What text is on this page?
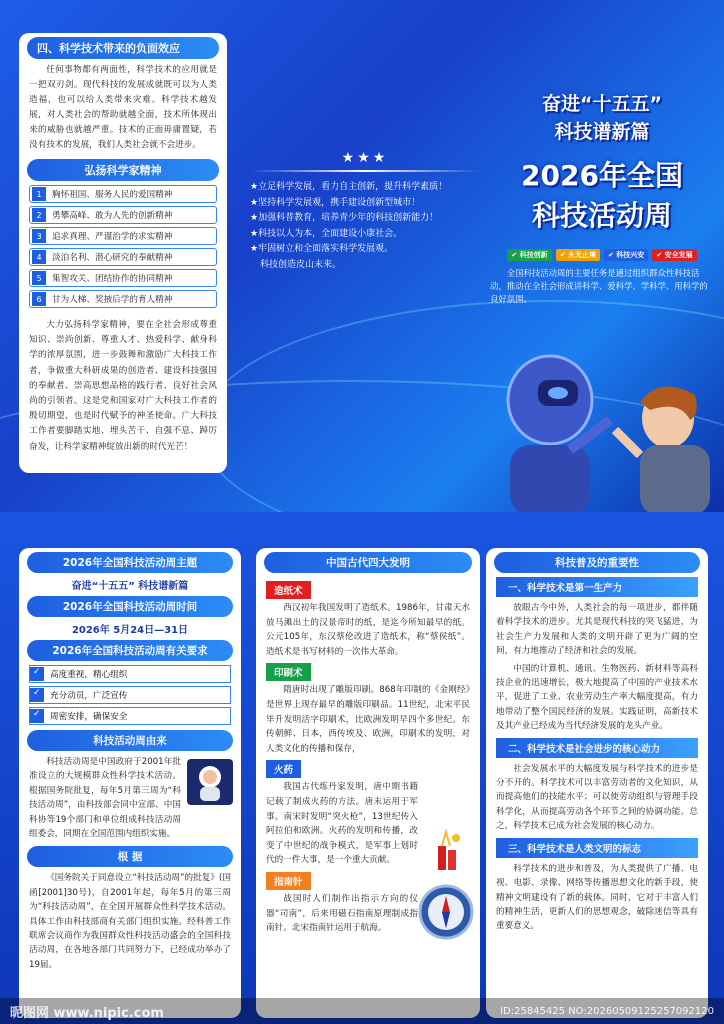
四、科学技术带来的负面效应

任何事物都有两面性，科学技术的应用就是一把双刃剑。现代科技的发展成就既可以为人类造福，也可以给人类带来灾难。科学技术越发展，对人类社会的帮助就越全面，技术所体现出来的威胁也就越严重。技术的正面毋庸置疑，若没有技术的发展，我们人类社会就不会进步。

弘扬科学家精神
1	胸怀祖国、服务人民的爱国精神
2	勇攀高峰、敢为人先的创新精神
3	追求真理、严谨治学的求实精神
4	淡泊名利、潜心研究的奉献精神
5	集智攻关、团结协作的协同精神
6	甘为人梯、奖掖后学的育人精神

大力弘扬科学家精神，要在全社会形成尊重知识、崇尚创新、尊重人才、热爱科学、献身科学的浓厚氛围，进一步鼓舞和激励广大科技工作者，争做重大科研成果的创造者、建设科技强国的奉献者、崇高思想品格的践行者、良好社会风尚的引领者。这是党和国家对广大科技工作者的殷切期望，也是时代赋予的神圣使命。广大科技工作者要脚踏实地、埋头苦干、自强不息、踔厉奋发，让科学家精神绽放出新的时代光芒！

★★★
★立足科学发展，看力自主创新，提升科学素质！
★坚持科学发展观，携手建设创新型城市！
★加强科普教育，培养青少年的科技创新能力！
★科技以人为本，全面建设小康社会。
★牢固树立和全面落实科学发展观。
科技创造皮山未来。
奋进“十五五”
科技谱新篇
2026年全国
科技活动周
✔ 科技创新 ✔ 永无止境 ✔ 科技兴安 ✔ 安全发展

全国科技活动周的主要任务是通过组织群众性科技活动，推动在全社会形成讲科学、爱科学、学科学、用科学的良好氛围。

2026年全国科技活动周主题
奋进“十五五” 科技谱新篇
2026年全国科技活动周时间
2026年 5月24日—31日
2026年全国科技活动周有关要求
✓
高度重视，精心组织
✓
充分动员，广泛宣传
✓
周密安排，确保安全
科技活动周由来

科技活动周是中国政府于2001年批准设立的大规模群众性科学技术活动。根据国务院批复，每年5月第三周为“科技活动周”，由科技部会同中宣部、中国科协等19个部门和单位组成科技活动周组委会，同期在全国范围内组织实施。

根 据

《国务院关于同意设立“科技活动周”的批复》(国函[2001]30号)，自2001年起，每年5月的第三周为“科技活动周”，在全国开展群众性科学技术活动。具体工作由科技部商有关部门组织实施。经科普工作联席会议商作为我国群众性科技活动盛会的全国科技活动周，在各地各部门共同努力下，已经成功举办了19届。

中国古代四大发明
造纸术

西汉初年我国发明了造纸术。1986年，甘肃天水放马滩出土的汉景帝时的纸，是迄今所知最早的纸。公元105年，东汉蔡伦改进了造纸术，称“蔡侯纸”。造纸术是书写材料的一次伟大革命。

印刷术

隋唐时出现了雕版印刷。868年印制的《金刚经》是世界上现存最早的雕版印刷品。11世纪，北宋平民毕升发明活字印刷术，比欧洲发明早四个多世纪。东传朝鲜、日本，西传埃及、欧洲，印刷术的发明，对人类文化的传播和保存，

火药

我国古代炼丹家发明，唐中期书籍记载了制成火药的方法。唐末运用于军事。南宋时发明“突火枪”，13世纪传入阿拉伯和欧洲。火药的发明和传播，改变了中世纪的战争模式，是军事上划时代的一件大事，是一个重大贡献。

指南针

战国时人们制作出指示方向的仪器“司南”，后来用磁石指南原理制成指南针。北宋指南针运用于航海。

科技普及的重要性
一、科学技术是第一生产力

放眼古今中外，人类社会的每一项进步，都伴随着科学技术的进步。尤其是现代科技的突飞猛进，为社会生产力发展和人类的文明开辟了更为广阔的空间，有力地推动了经济和社会的发展。

中国的计算机、通讯、生物医药、新材料等高科技企业的迅速增长，极大地提高了中国的产业技术水平，促进了工业、农业劳动生产率大幅度提高，有力地带动了整个国民经济的发展。实践证明，高新技术及其产业已经成为当代经济发展的龙头产业。

二、科学技术是社会进步的核心动力

社会发展水平的大幅度发展与科学技术的进步是分不开的。科学技术可以丰富劳动者的文化知识，从而提高他们的技能水平；可以使劳动组织与管理手段科学化，从而提高劳动各个环节之间的协调功能。总之，科学技术已成为社会发展的核心动力。

三、科学技术是人类文明的标志

科学技术的进步和普及，为人类提供了广播、电视、电影、录像、网络等传播思想文化的新手段，使精神文明建设有了新的载体。同时，它对于丰富人们的精神生活，更新人们的思想观念，破除迷信等具有重要意义。

昵图网 www.nipic.com	ID:25845425 NO:20260509125257092120
